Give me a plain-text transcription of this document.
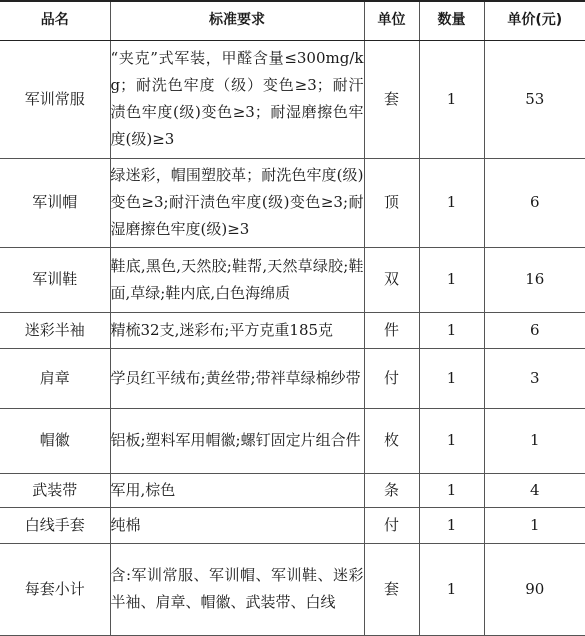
品名	标准要求	单位	数量	单价(元)
军训常服	“夹克”式军装，甲醛含量≤300mg/kg；耐洗色牢度（级）变色≥3；耐汗渍色牢度(级)变色≥3；耐湿磨擦色牢度(级)≥3	套	1	53
军训帽	绿迷彩，帽围塑胶革；耐洗色牢度(级)变色≥3;耐汗渍色牢度(级)变色≥3;耐湿磨擦色牢度(级)≥3	顶	1	6
军训鞋	鞋底,黑色,天然胶;鞋帮,天然草绿胶;鞋面,草绿;鞋内底,白色海绵质	双	1	16
迷彩半袖	精梳32支,迷彩布;平方克重185克	件	1	6
肩章	学员红平绒布;黄丝带;带袢草绿棉纱带	付	1	3
帽徽	铝板;塑料军用帽徽;螺钉固定片组合件	枚	1	1
武装带	军用,棕色	条	1	4
白线手套	纯棉	付	1	1
每套小计	含:军训常服、军训帽、军训鞋、迷彩半袖、肩章、帽徽、武装带、白线	套	1	90
